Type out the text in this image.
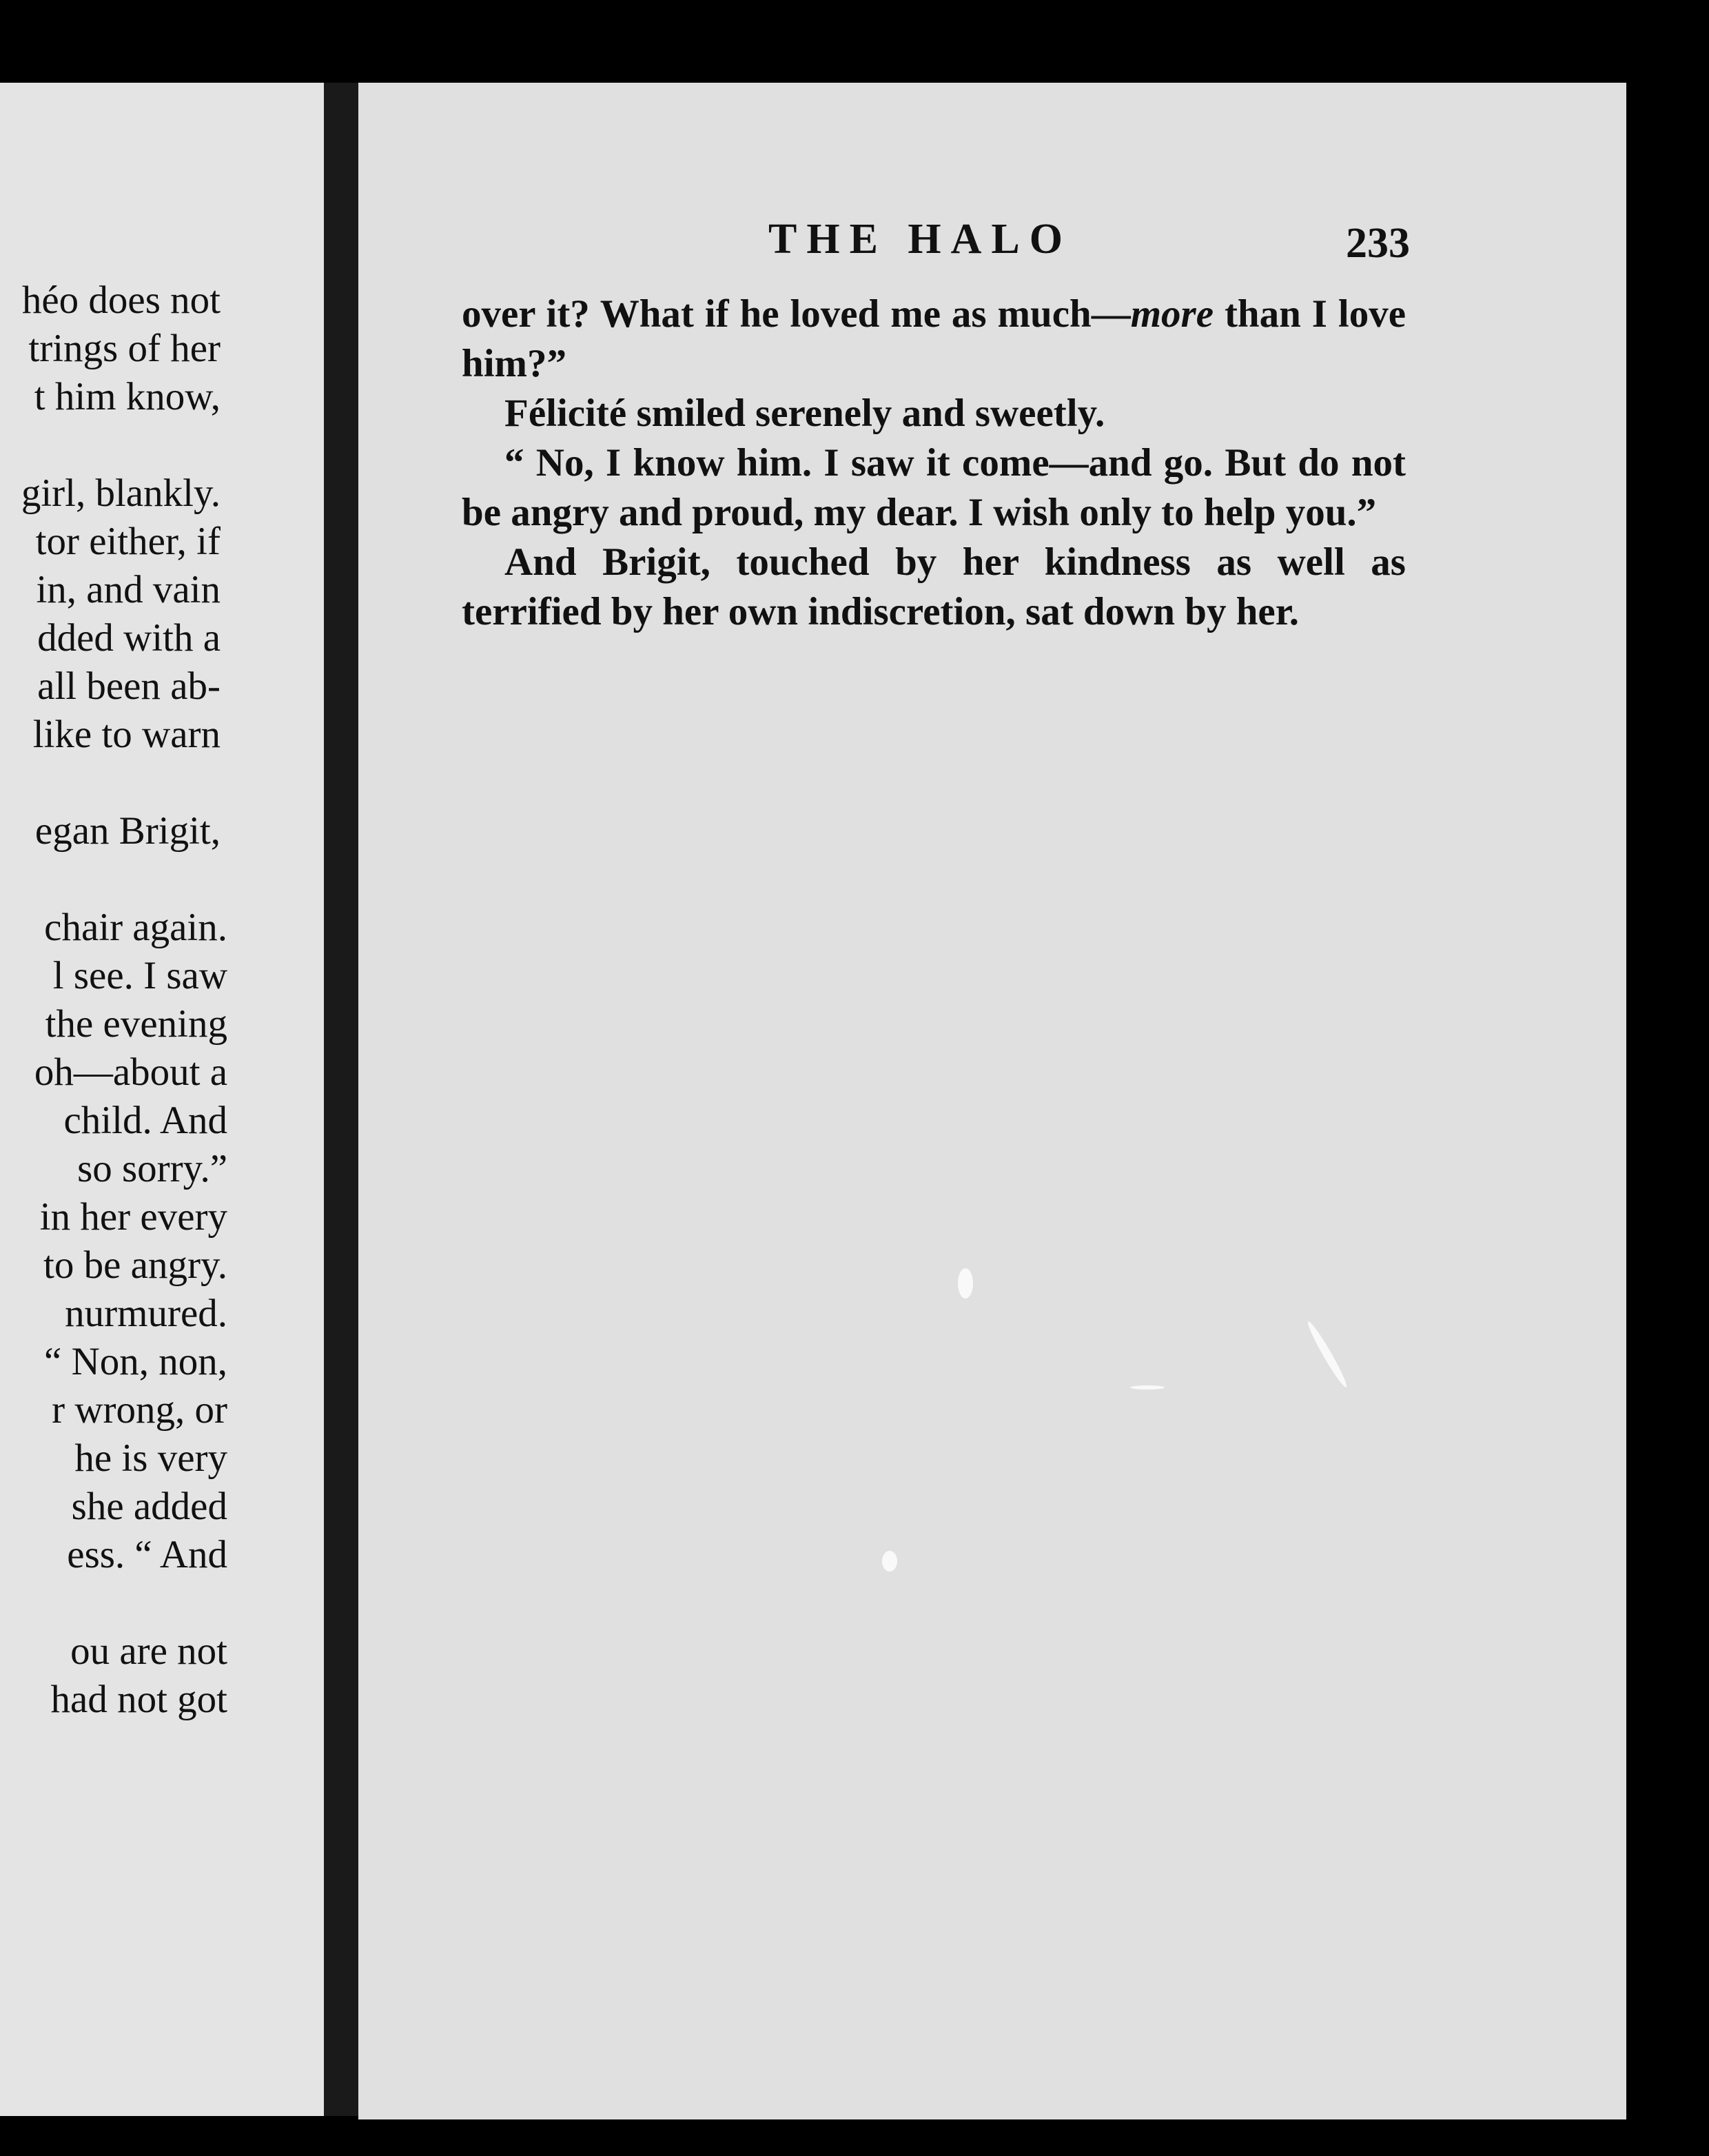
héo does not
trings of her
t him know,
girl, blankly.
tor either, if
in, and vain
dded with a
all been ab-
like to warn
egan Brigit,
chair again.
l see. I saw
the evening
oh—about a
child. And
so sorry.”
in her every
to be angry.
nurmured.
“ Non, non,
r wrong, or
he is very
she added
ess. “ And
ou are not
had not got
THE HALO	233

over it? What if he loved me as much—more than I love him?”

Félicité smiled serenely and sweetly.

“ No, I know him. I saw it come—and go. But do not be angry and proud, my dear. I wish only to help you.”

And Brigit, touched by her kindness as well as terrified by her own indiscretion, sat down by her.
